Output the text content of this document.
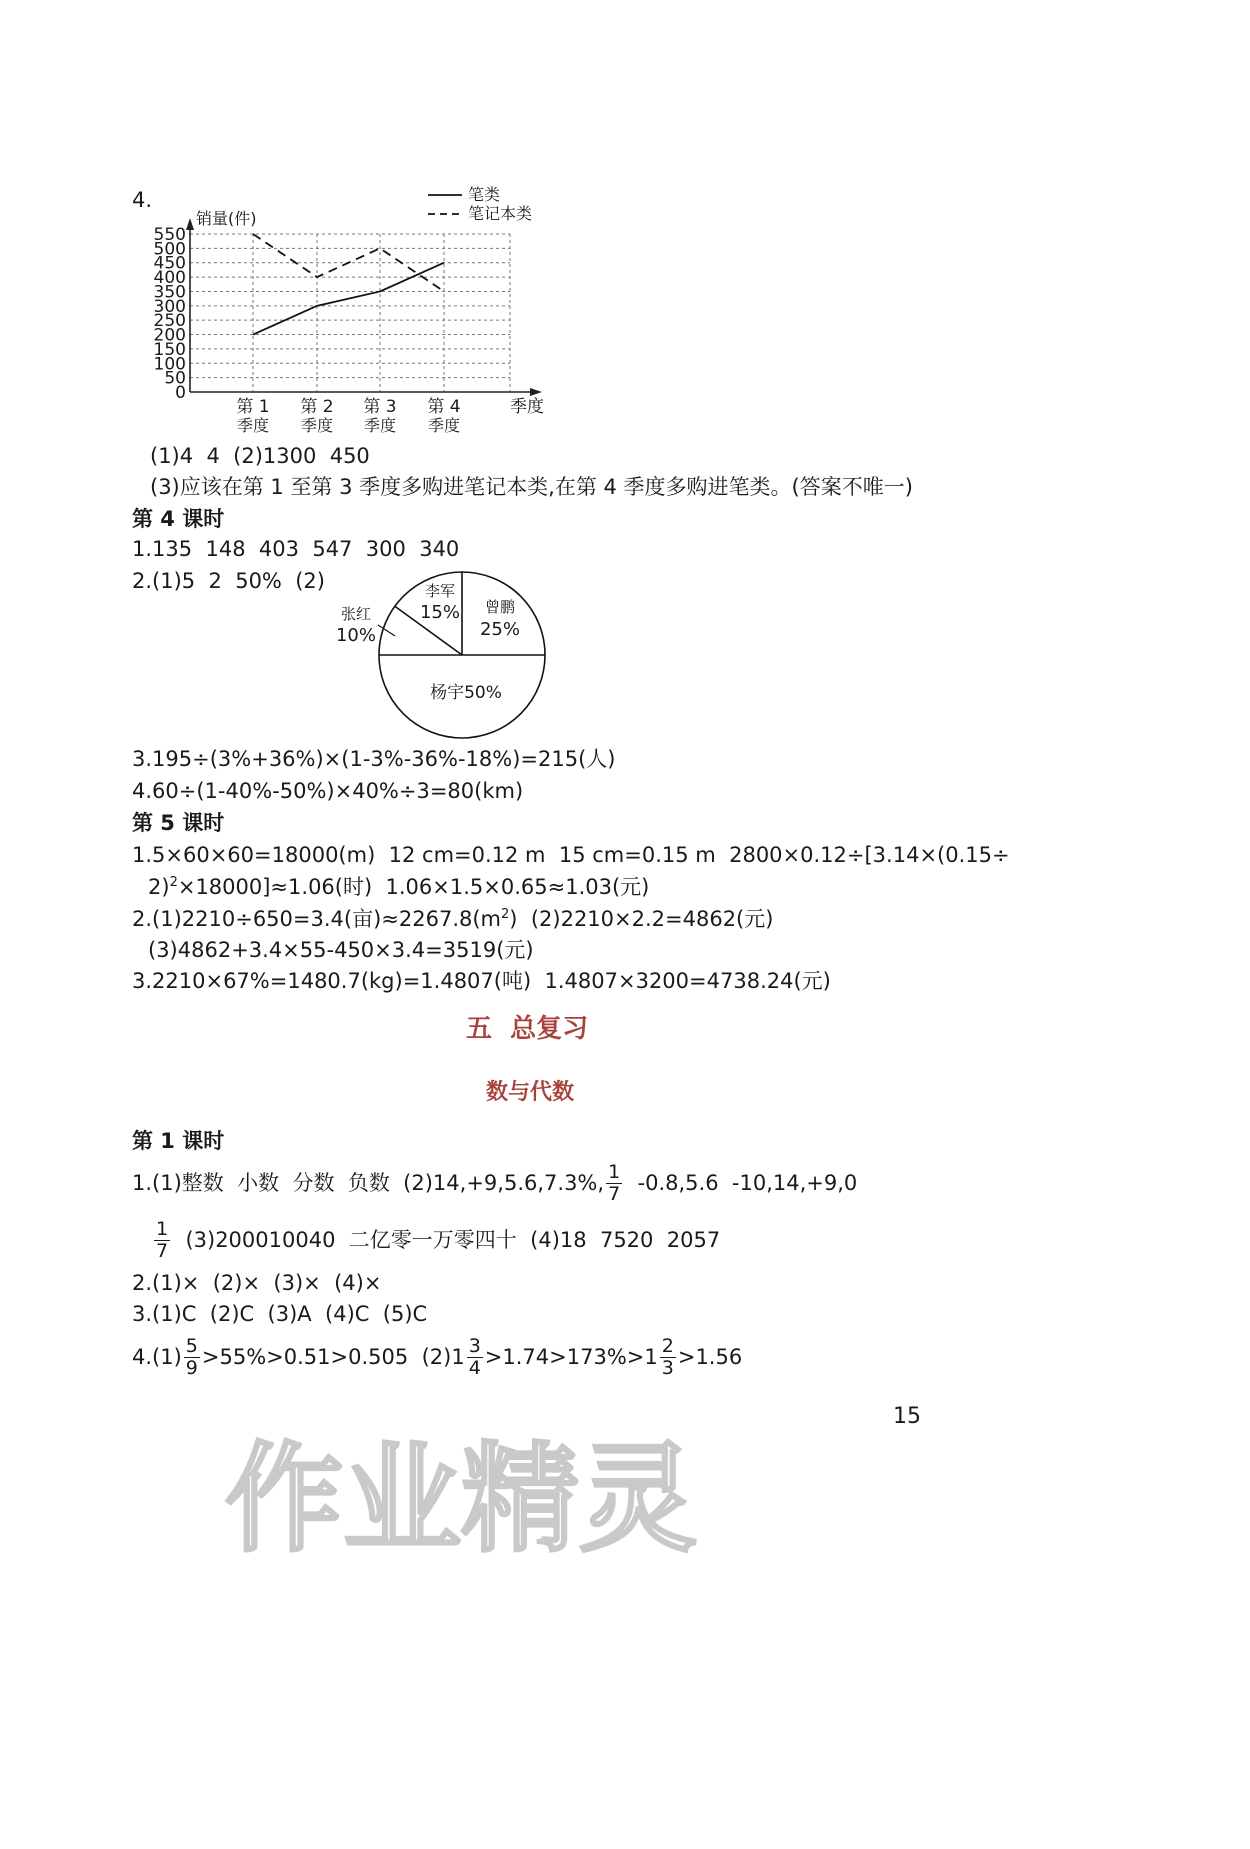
4.
0
50
100
150
200
250
300
350
400
450
500
550
销量(件)
季度
第 1
季度
第 2
季度
第 3
季度
第 4
季度
笔类
笔记本类
(1)4  4  (2)1300  450
(3)应该在第 1 至第 3 季度多购进笔记本类,在第 4 季度多购进笔类。(答案不唯一)
第 4 课时
1.135  148  403  547  300  340
2.(1)5  2  50%  (2)
曾鹏
25%
杨宇50%
张红
10%
李军
15%
3.195÷(3%+36%)×(1-3%-36%-18%)=215(人)
4.60÷(1-40%-50%)×40%÷3=80(km)
第 5 课时
1.5×60×60=18000(m)  12 cm=0.12 m  15 cm=0.15 m  2800×0.12÷[3.14×(0.15÷
2)$^2$×18000]≈1.06(时)  1.06×1.5×0.65≈1.03(元)
2.(1)2210÷650=3.4(亩)$\approx 2267.8(m^2)$  (2)2210×2.2=4862(元)
(3)4862+3.4×55-450×3.4=3519(元)
3.2210×67%=1480.7(kg)=1.4807(吨)  1.4807×3200=4738.24(元)
五  总复习
数与代数
第 1 课时
1.(1)整数  小数  分数  负数  (2)14,+9,5.6,7.3%, $\frac{1}{7} -0.8,5.6$  -10,14,+9,0
$\frac{1}{7} (3)200010040$  二亿零一万零四十  (4)18  7520  2057
2.(1)×  (2)×  (3)×  (4)×
3.(1)C  (2)C  (3)A  (4)C  (5)C
$4.(1) \frac{5}{9} >55\%>0.51>0.505$  $(2)1 \frac{3}{4} >1.74>173\%>1 \frac{2}{3} >1.56$
15
作业精灵
